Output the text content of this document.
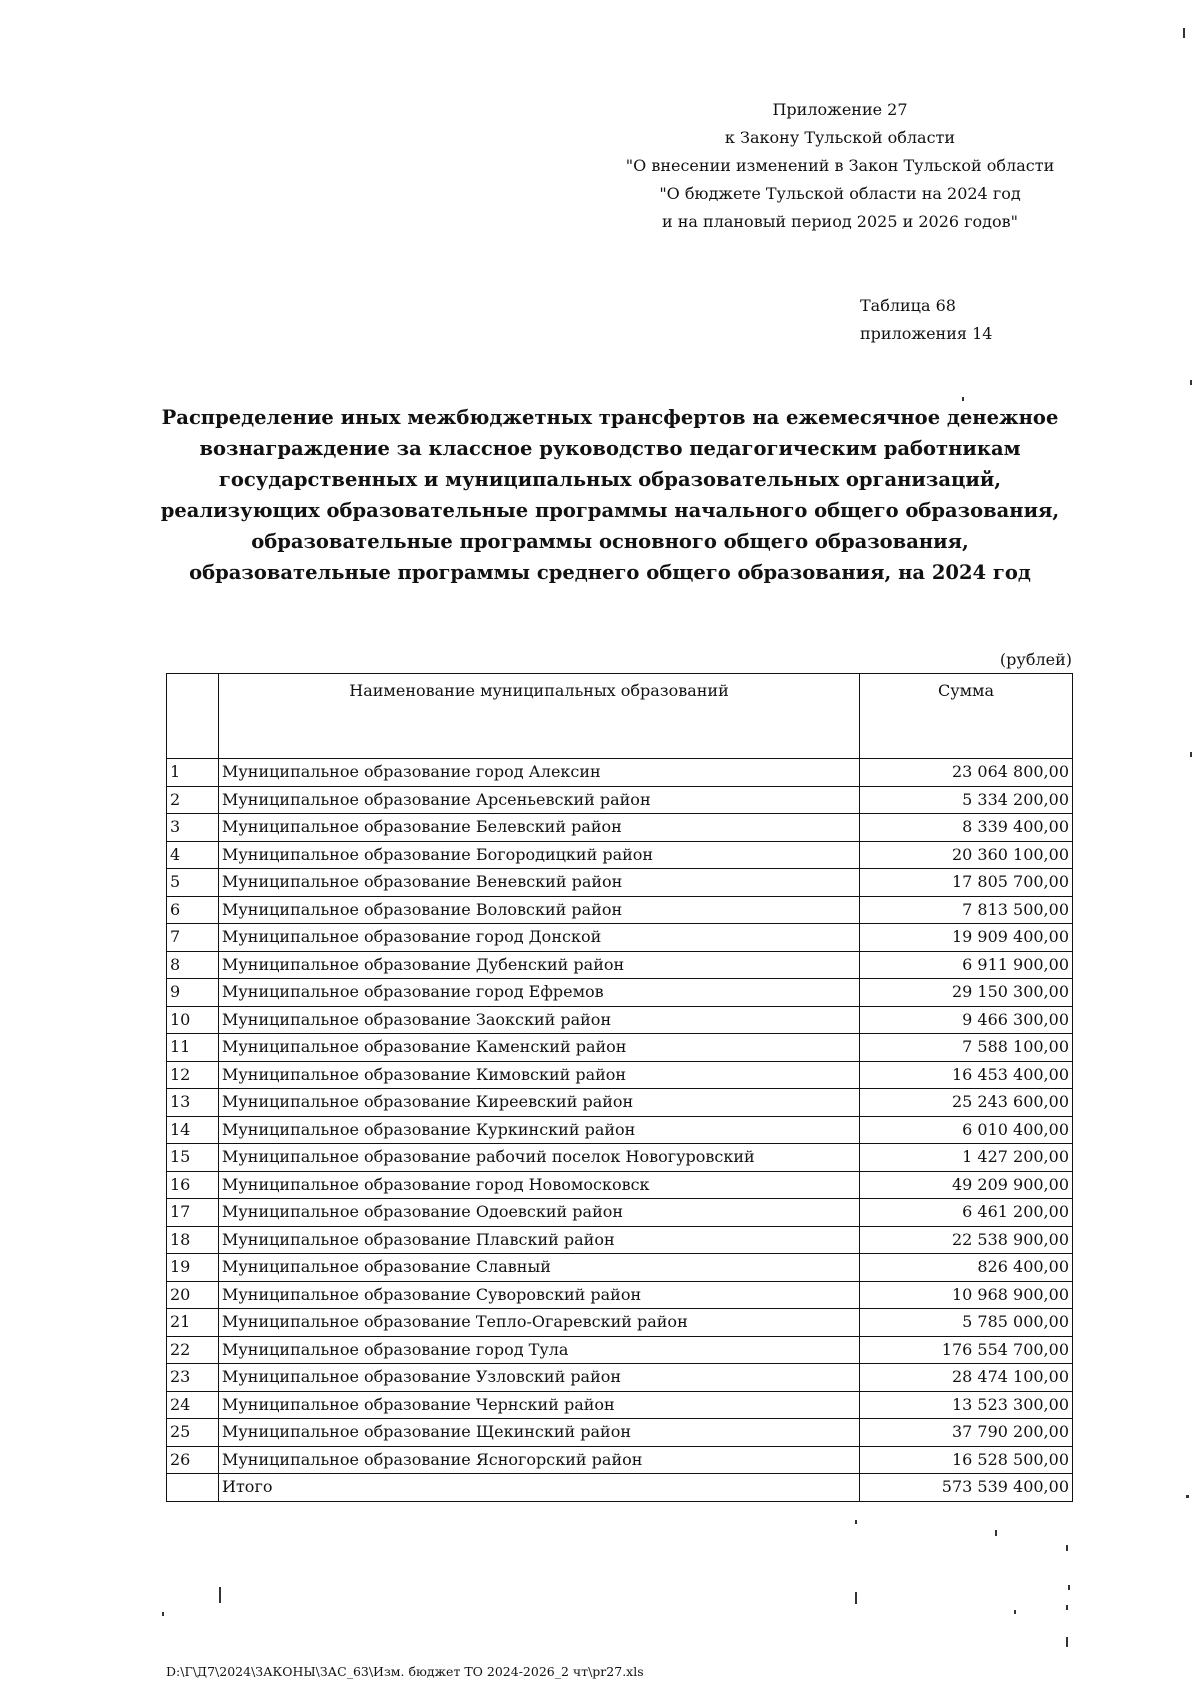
Приложение 27
к Закону Тульской области
"О внесении изменений в Закон Тульской области
"О бюджете Тульской области на 2024 год
и на плановый период 2025 и 2026 годов"
Таблица 68
приложения 14
Распределение иных межбюджетных трансфертов на ежемесячное денежное вознаграждение за классное руководство педагогическим работникам государственных и муниципальных образовательных организаций, реализующих образовательные программы начального общего образования, образовательные программы основного общего образования, образовательные программы среднего общего образования, на 2024 год
(рублей)
	Наименование муниципальных образований	Сумма
1	Муниципальное образование город Алексин	23 064 800,00
2	Муниципальное образование Арсеньевский район	5 334 200,00
3	Муниципальное образование Белевский район	8 339 400,00
4	Муниципальное образование Богородицкий район	20 360 100,00
5	Муниципальное образование Веневский район	17 805 700,00
6	Муниципальное образование Воловский район	7 813 500,00
7	Муниципальное образование город Донской	19 909 400,00
8	Муниципальное образование Дубенский район	6 911 900,00
9	Муниципальное образование город Ефремов	29 150 300,00
10	Муниципальное образование Заокский район	9 466 300,00
11	Муниципальное образование Каменский район	7 588 100,00
12	Муниципальное образование Кимовский район	16 453 400,00
13	Муниципальное образование Киреевский район	25 243 600,00
14	Муниципальное образование Куркинский район	6 010 400,00
15	Муниципальное образование рабочий поселок Новогуровский	1 427 200,00
16	Муниципальное образование город Новомосковск	49 209 900,00
17	Муниципальное образование Одоевский район	6 461 200,00
18	Муниципальное образование Плавский район	22 538 900,00
19	Муниципальное образование Славный	826 400,00
20	Муниципальное образование Суворовский район	10 968 900,00
21	Муниципальное образование Тепло-Огаревский район	5 785 000,00
22	Муниципальное образование город Тула	176 554 700,00
23	Муниципальное образование Узловский район	28 474 100,00
24	Муниципальное образование Чернский район	13 523 300,00
25	Муниципальное образование Щекинский район	37 790 200,00
26	Муниципальное образование Ясногорский район	16 528 500,00
	Итого	573 539 400,00
D:\Г\Д7\2024\ЗАКОНЫ\ЗАС_63\Изм. бюджет ТО 2024-2026_2 чт\pr27.xls
